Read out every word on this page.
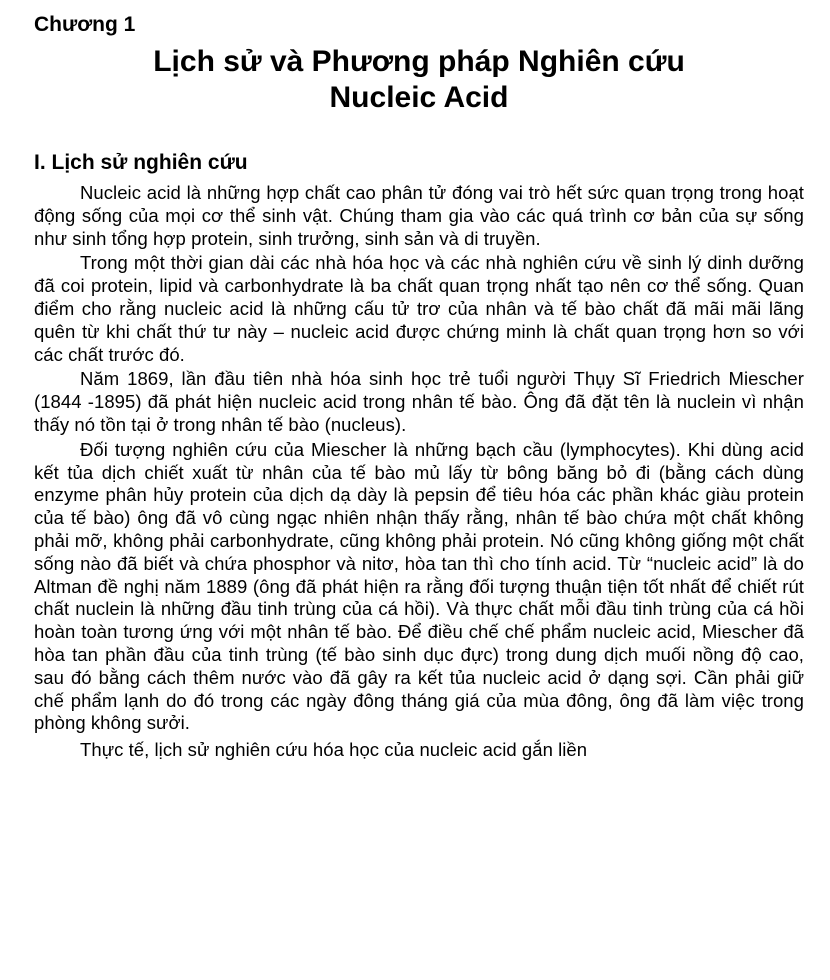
Chương 1

Lịch sử và Phương pháp Nghiên cứu
Nucleic Acid
I. Lịch sử nghiên cứu

Nucleic acid là những hợp chất cao phân tử đóng vai trò hết sức quan trọng trong hoạt động sống của mọi cơ thể sinh vật. Chúng tham gia vào các quá trình cơ bản của sự sống như sinh tổng hợp protein, sinh trưởng, sinh sản và di truyền.

Trong một thời gian dài các nhà hóa học và các nhà nghiên cứu về sinh lý dinh dưỡng đã coi protein, lipid và carbonhydrate là ba chất quan trọng nhất tạo nên cơ thể sống. Quan điểm cho rằng nucleic acid là những cấu tử trơ của nhân và tế bào chất đã mãi mãi lãng quên từ khi chất thứ tư này – nucleic acid được chứng minh là chất quan trọng hơn so với các chất trước đó.

Năm 1869, lần đầu tiên nhà hóa sinh học trẻ tuổi người Thụy Sĩ Friedrich Miescher (1844 -1895) đã phát hiện nucleic acid trong nhân tế bào. Ông đã đặt tên là nuclein vì nhận thấy nó tồn tại ở trong nhân tế bào (nucleus).

Đối tượng nghiên cứu của Miescher là những bạch cầu (lymphocytes). Khi dùng acid kết tủa dịch chiết xuất từ nhân của tế bào mủ lấy từ bông băng bỏ đi (bằng cách dùng enzyme phân hủy protein của dịch dạ dày là pepsin để tiêu hóa các phần khác giàu protein của tế bào) ông đã vô cùng ngạc nhiên nhận thấy rằng, nhân tế bào chứa một chất không phải mỡ, không phải carbonhydrate, cũng không phải protein. Nó cũng không giống một chất sống nào đã biết và chứa phosphor và nitơ, hòa tan thì cho tính acid. Từ “nucleic acid” là do Altman đề nghị năm 1889 (ông đã phát hiện ra rằng đối tượng thuận tiện tốt nhất để chiết rút chất nuclein là những đầu tinh trùng của cá hồi). Và thực chất mỗi đầu tinh trùng của cá hồi hoàn toàn tương ứng với một nhân tế bào. Để điều chế chế phẩm nucleic acid, Miescher đã hòa tan phần đầu của tinh trùng (tế bào sinh dục đực) trong dung dịch muối nồng độ cao, sau đó bằng cách thêm nước vào đã gây ra kết tủa nucleic acid ở dạng sợi. Cần phải giữ chế phẩm lạnh do đó trong các ngày đông tháng giá của mùa đông, ông đã làm việc trong phòng không sưởi.

Thực tế, lịch sử nghiên cứu hóa học của nucleic acid gắn liền
